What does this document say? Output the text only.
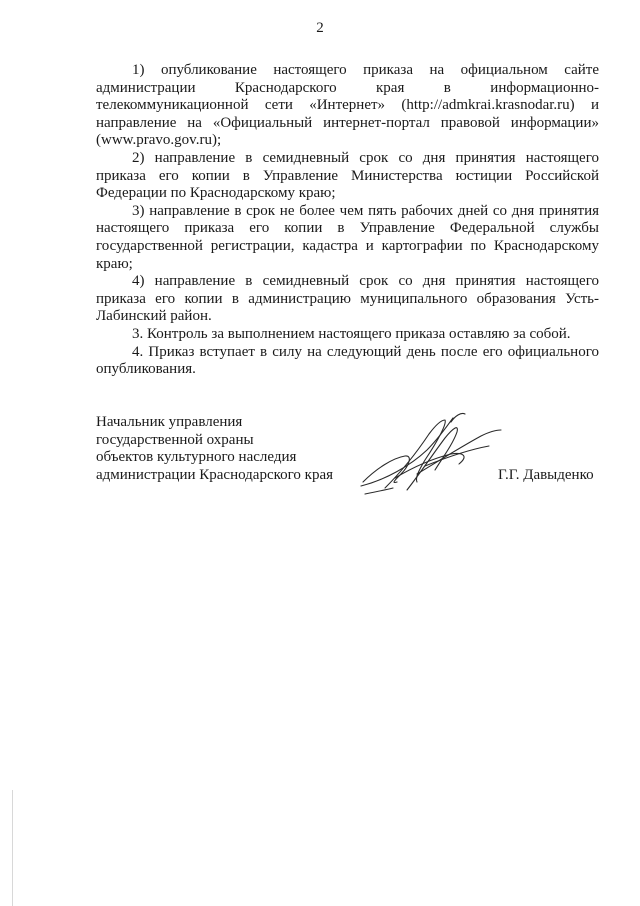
2

1) опубликование настоящего приказа на официальном сайте администрации Краснодарского края в информационно-телекоммуникационной сети «Интернет» (http://admkrai.krasnodar.ru) и направление на «Официальный интернет-портал правовой информации» (www.pravo.gov.ru);

2) направление в семидневный срок со дня принятия настоящего приказа его копии в Управление Министерства юстиции Российской Федерации по Краснодарскому краю;

3) направление в срок не более чем пять рабочих дней со дня принятия настоящего приказа его копии в Управление Федеральной службы государственной регистрации, кадастра и картографии по Краснодарскому краю;

4) направление в семидневный срок со дня принятия настоящего приказа его копии в администрацию муниципального образования Усть-Лабинский район.

3. Контроль за выполнением настоящего приказа оставляю за собой.

4. Приказ вступает в силу на следующий день после его официального опубликования.

Начальник управления
государственной охраны
объектов культурного наследия
администрации Краснодарского края	Г.Г. Давыденко
